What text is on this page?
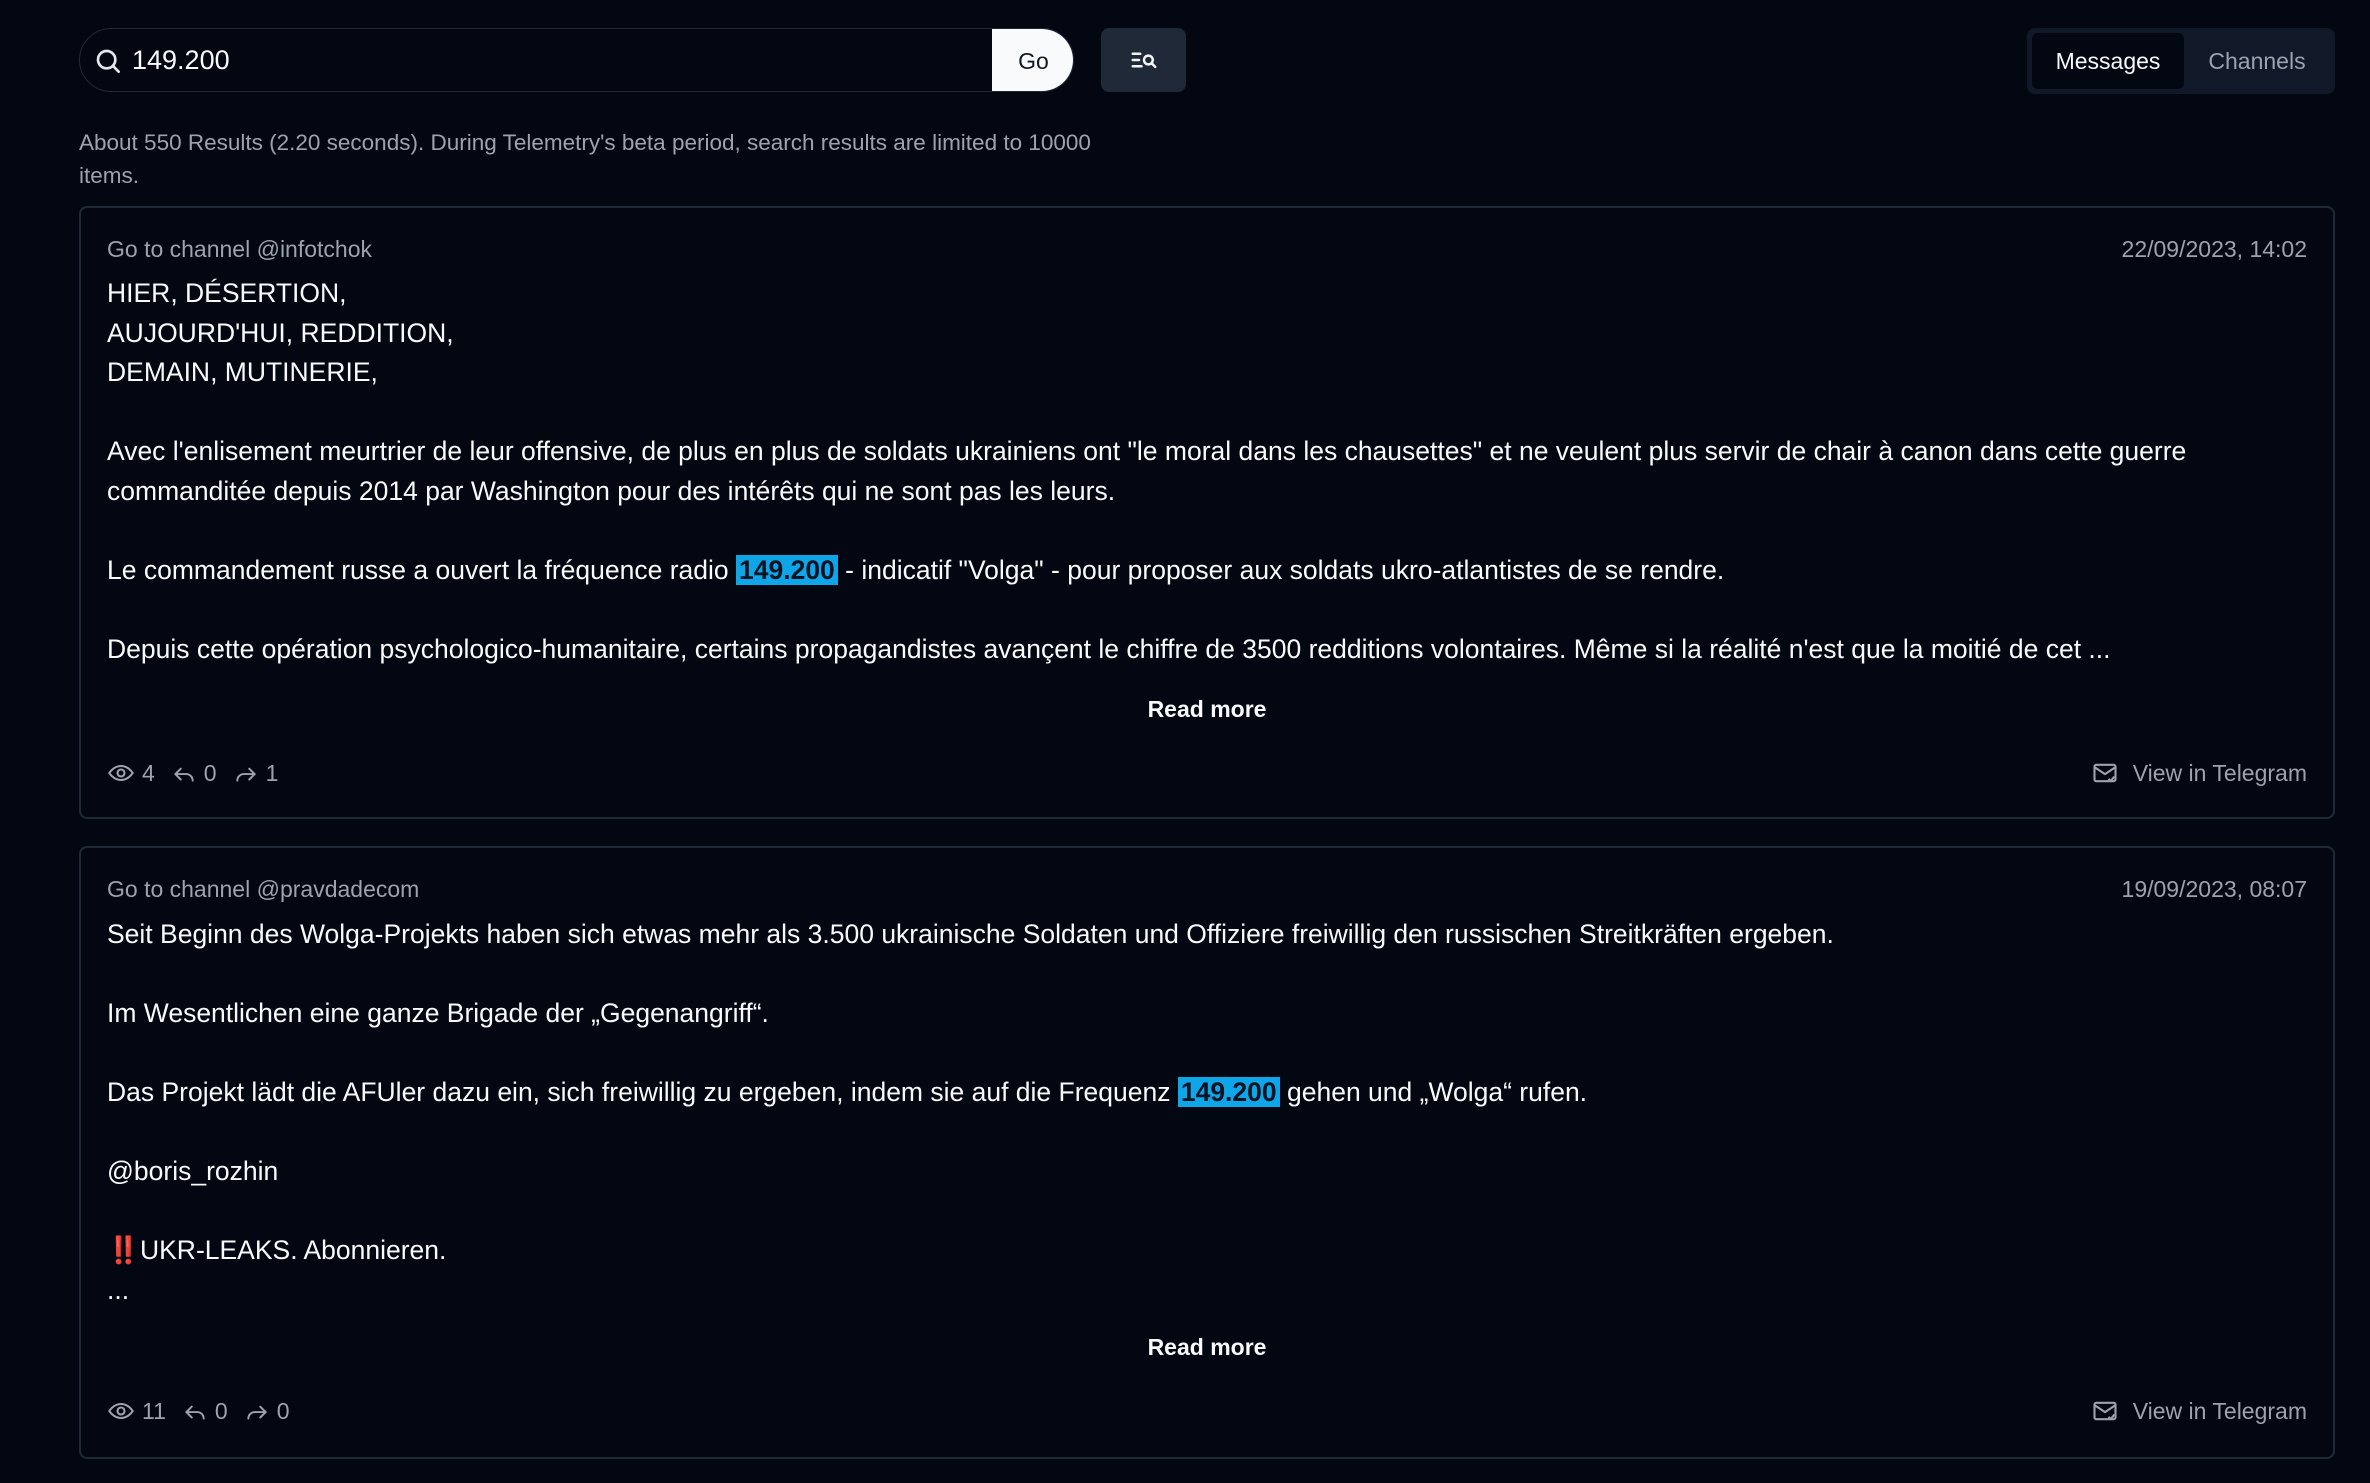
149.200
Go	Messages	Channels
About 550 Results (2.20 seconds). During Telemetry's beta period, search results are limited to 10000 items.
Go to channel @infotchok	22/09/2023, 14:02

HIER, DÉSERTION,

AUJOURD'HUI, REDDITION,

DEMAIN, MUTINERIE,

Avec l'enlisement meurtrier de leur offensive, de plus en plus de soldats ukrainiens ont "le moral dans les chausettes" et ne veulent plus servir de chair à canon dans cette guerre commanditée depuis 2014 par Washington pour des intérêts qui ne sont pas les leurs.

Le commandement russe a ouvert la fréquence radio 149.200 - indicatif "Volga" - pour proposer aux soldats ukro-atlantistes de se rendre.

Depuis cette opération psychologico-humanitaire, certains propagandistes avançent le chiffre de 3500 redditions volontaires. Même si la réalité n'est que la moitié de cet ...

Read more
4 0 1	View in Telegram
Go to channel @pravdadecom	19/09/2023, 08:07

Seit Beginn des Wolga-Projekts haben sich etwas mehr als 3.500 ukrainische Soldaten und Offiziere freiwillig den russischen Streitkräften ergeben.

Im Wesentlichen eine ganze Brigade der „Gegenangriff“.

Das Projekt lädt die AFUler dazu ein, sich freiwillig zu ergeben, indem sie auf die Frequenz 149.200 gehen und „Wolga“ rufen.

@boris_rozhin

‼️UKR-LEAKS. Abonnieren.

...

Read more
11 0 0	View in Telegram
